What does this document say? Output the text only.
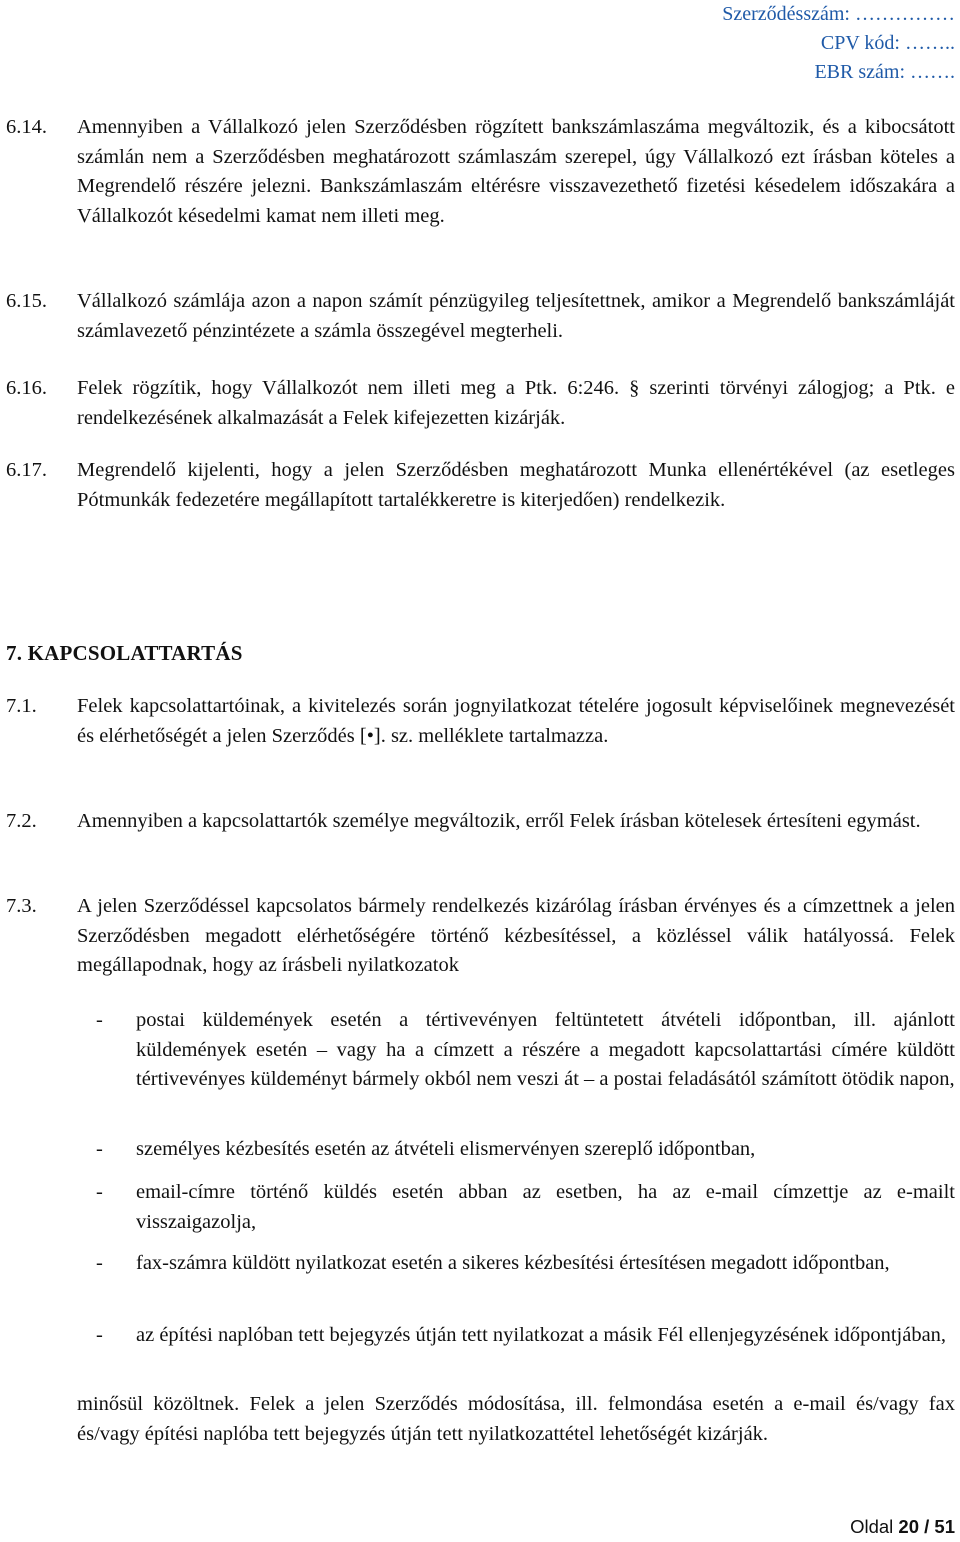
Szerződésszám: ……………
CPV kód: ……..
EBR szám: …….
6.14.	Amennyiben a Vállalkozó jelen Szerződésben rögzített bankszámlaszáma megváltozik, és a kibocsátott számlán nem a Szerződésben meghatározott számlaszám szerepel, úgy Vállalkozó ezt írásban köteles a Megrendelő részére jelezni. Bankszámlaszám eltérésre visszavezethető fizetési késedelem időszakára a Vállalkozót késedelmi kamat nem illeti meg.
6.15.	Vállalkozó számlája azon a napon számít pénzügyileg teljesítettnek, amikor a Megrendelő bankszámláját számlavezető pénzintézete a számla összegével megterheli.
6.16.	Felek rögzítik, hogy Vállalkozót nem illeti meg a Ptk. 6:246. § szerinti törvényi zálogjog; a Ptk. e rendelkezésének alkalmazását a Felek kifejezetten kizárják.
6.17.	Megrendelő kijelenti, hogy a jelen Szerződésben meghatározott Munka ellenértékével (az esetleges Pótmunkák fedezetére megállapított tartalékkeretre is kiterjedően) rendelkezik.
7. KAPCSOLATTARTÁS
7.1.	Felek kapcsolattartóinak, a kivitelezés során jognyilatkozat tételére jogosult képviselőinek megnevezését és elérhetőségét a jelen Szerződés [•]. sz. melléklete tartalmazza.
7.2.	Amennyiben a kapcsolattartók személye megváltozik, erről Felek írásban kötelesek értesíteni egymást.
7.3.	A jelen Szerződéssel kapcsolatos bármely rendelkezés kizárólag írásban érvényes és a címzettnek a jelen Szerződésben megadott elérhetőségére történő kézbesítéssel, a közléssel válik hatályossá. Felek megállapodnak, hogy az írásbeli nyilatkozatok
- postai küldemények esetén a tértivevényen feltüntetett átvételi időpontban, ill. ajánlott küldemények esetén – vagy ha a címzett a részére a megadott kapcsolattartási címére küldött tértivevényes küldeményt bármely okból nem veszi át – a postai feladásától számított ötödik napon,
- személyes kézbesítés esetén az átvételi elismervényen szereplő időpontban,
- email-címre történő küldés esetén abban az esetben, ha az e-mail címzettje az e-mailt visszaigazolja,
- fax-számra küldött nyilatkozat esetén a sikeres kézbesítési értesítésen megadott időpontban,
- az építési naplóban tett bejegyzés útján tett nyilatkozat a másik Fél ellenjegyzésének időpontjában,
minősül közöltnek. Felek a jelen Szerződés módosítása, ill. felmondása esetén a e-mail és/vagy fax és/vagy építési naplóba tett bejegyzés útján tett nyilatkozattétel lehetőségét kizárják.
Oldal 20 / 51
